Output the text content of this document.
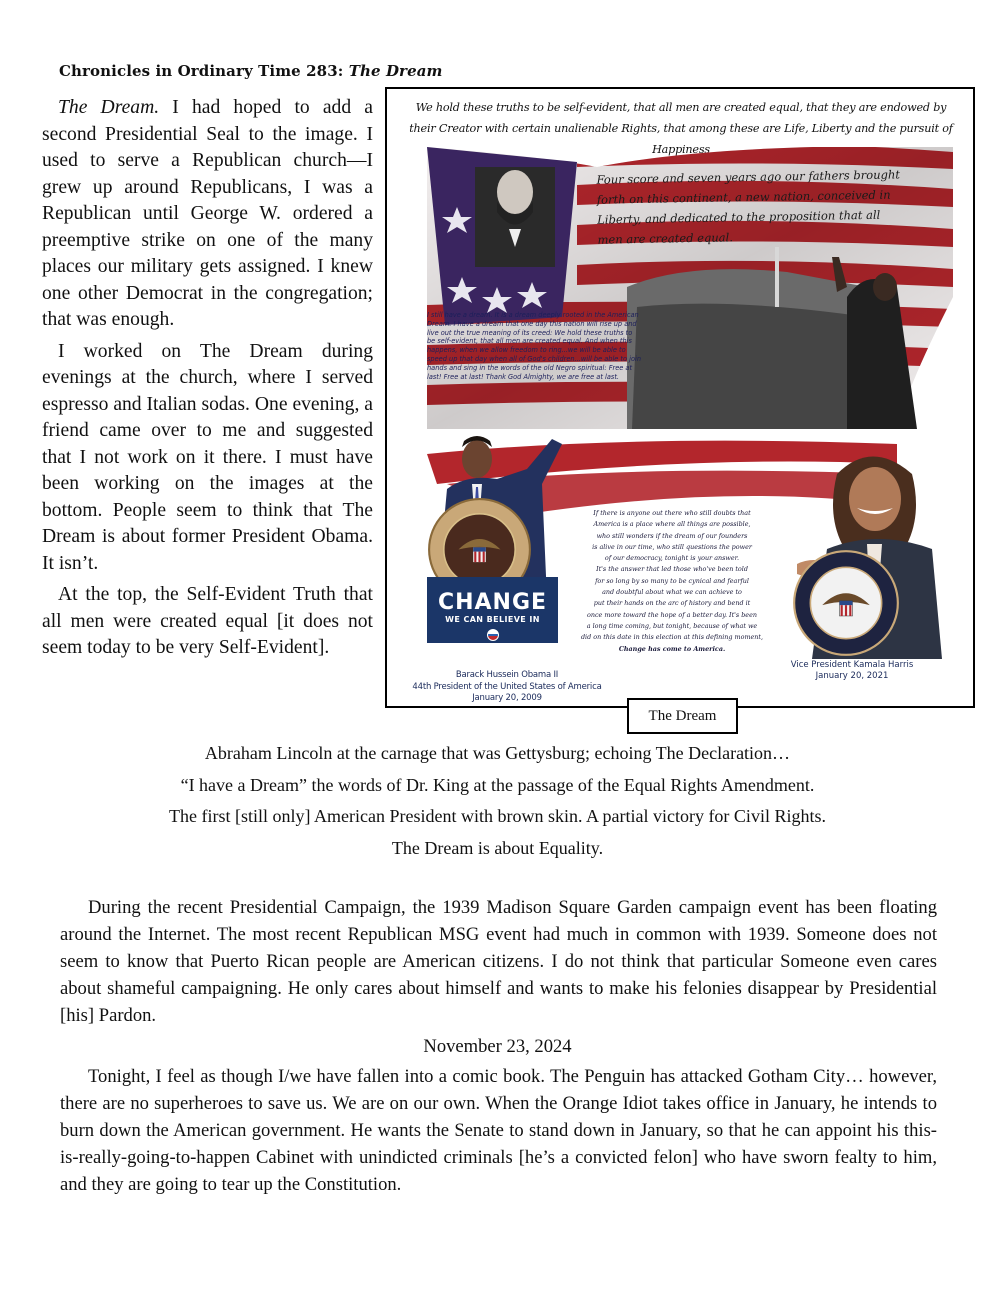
Chronicles in Ordinary Time 283: The Dream

The Dream. I had hoped to add a second Presidential Seal to the image. I used to serve a Republican church—I grew up around Republicans, I was a Republican until George W. ordered a preemptive strike on one of the many places our military gets assigned. I knew one other Democrat in the congregation; that was enough.

I worked on The Dream during evenings at the church, where I served espresso and Italian sodas. One evening, a friend came over to me and suggested that I not work on it there. I must have been working on the images at the bottom. People seem to think that The Dream is about former President Obama. It isn’t.

At the top, the Self-Evident Truth that all men were created equal [it does not seem today to be very Self-Evident].

We hold these truths to be self-evident, that all men are created equal, that they are endowed by their Creator with certain unalienable Rights, that among these are Life, Liberty and the pursuit of Happiness
Four score and seven years ago our fathers brought forth on this continent, a new nation, conceived in Liberty, and dedicated to the proposition that all men are created equal.
I still have a dream. It is a dream deeply rooted in the American Dream. I have a dream that one day this nation will rise up and live out the true meaning of its creed: We hold these truths to be self-evident, that all men are created equal. And when this happens, when we allow freedom to ring...we will be able to speed up that day when all of God's children...will be able to join hands and sing in the words of the old Negro spiritual: Free at last! Free at last! Thank God Almighty, we are free at last.
CHANGE
WE CAN BELIEVE IN
Barack Hussein Obama II
44th President of the United States of America
January 20, 2009
If there is anyone out there who still doubts that
America is a place where all things are possible,
who still wonders if the dream of our founders
is alive in our time, who still questions the power
of our democracy, tonight is your answer.
It's the answer that led those who've been told
for so long by so many to be cynical and fearful
and doubtful about what we can achieve to
put their hands on the arc of history and bend it
once more toward the hope of a better day. It's been
a long time coming, but tonight, because of what we
did on this date in this election at this defining moment,
Change has come to America.
Vice President Kamala Harris
January 20, 2021
The Dream
Abraham Lincoln at the carnage that was Gettysburg; echoing The Declaration…
“I have a Dream” the words of Dr. King at the passage of the Equal Rights Amendment.
The first [still only] American President with brown skin. A partial victory for Civil Rights.
The Dream is about Equality.

During the recent Presidential Campaign, the 1939 Madison Square Garden campaign event has been floating around the Internet. The most recent Republican MSG event had much in common with 1939. Someone does not seem to know that Puerto Rican people are American citizens. I do not think that particular Someone even cares about shameful campaigning. He only cares about himself and wants to make his felonies disappear by Presidential [his] Pardon.

November 23, 2024

Tonight, I feel as though I/we have fallen into a comic book. The Penguin has attacked Gotham City… however, there are no superheroes to save us. We are on our own. When the Orange Idiot takes office in January, he intends to burn down the American government. He wants the Senate to stand down in January, so that he can appoint his this-is-really-going-to-happen Cabinet with unindicted criminals [he’s a convicted felon] who have sworn fealty to him, and they are going to tear up the Constitution.
